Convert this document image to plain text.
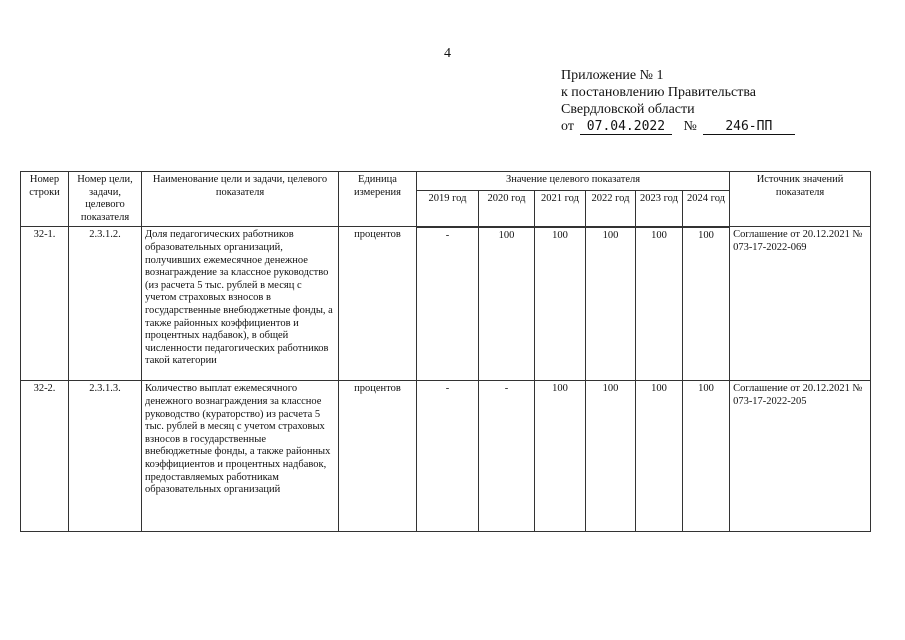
4
Приложение № 1
к постановлению Правительства
Свердловской области
от 07.04.2022 № 246-ПП
Номер строки	Номер цели, задачи, целевого показателя	Наименование цели и задачи, целевого показателя	Единица измерения	Значение целевого показателя						Источник значений показателя
				2019 год	2020 год	2021 год	2022 год	2023 год	2024 год	
32-1.	2.3.1.2.	Доля педагогических работников образовательных организаций, получивших ежемесячное денежное вознаграждение за классное руководство (из расчета 5 тыс. рублей в месяц с учетом страховых взносов в государственные внебюджетные фонды, а также районных коэффициентов и процентных надбавок), в общей численности педагогических работников такой категории	процентов	-	100	100	100	100	100	Соглашение от 20.12.2021 № 073-17-2022-069
32-2.	2.3.1.3.	Количество выплат ежемесячного денежного вознаграждения за классное руководство (кураторство) из расчета 5 тыс. рублей в месяц с учетом страховых взносов в государственные внебюджетные фонды, а также районных коэффициентов и процентных надбавок, предоставляемых работникам образовательных организаций	процентов	-	-	100	100	100	100	Соглашение от 20.12.2021 № 073-17-2022-205
